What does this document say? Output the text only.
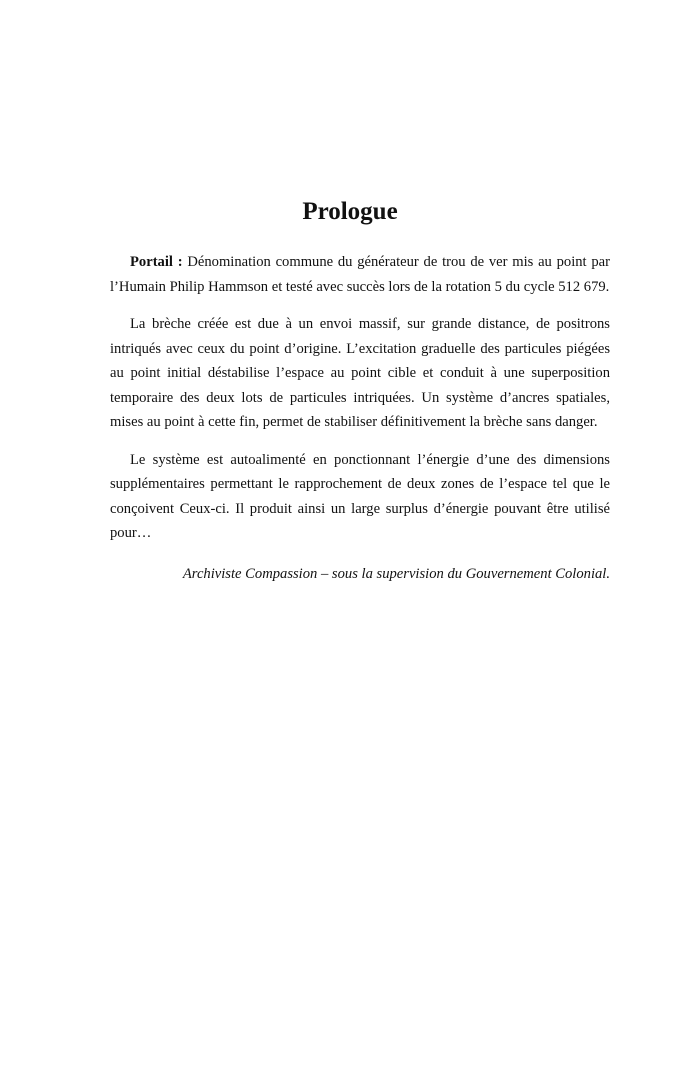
Prologue

Portail : Dénomination commune du générateur de trou de ver mis au point par l’Humain Philip Hammson et testé avec succès lors de la rotation 5 du cycle 512 679.

La brèche créée est due à un envoi massif, sur grande distance, de positrons intriqués avec ceux du point d’origine. L’excitation graduelle des particules piégées au point initial déstabilise l’espace au point cible et conduit à une superposition temporaire des deux lots de particules intriquées. Un système d’ancres spatiales, mises au point à cette fin, permet de stabiliser définitivement la brèche sans danger.

Le système est autoalimenté en ponctionnant l’énergie d’une des dimensions supplémentaires permettant le rapprochement de deux zones de l’espace tel que le conçoivent Ceux-ci. Il produit ainsi un large surplus d’énergie pouvant être utilisé pour…

Archiviste Compassion – sous la supervision du Gouvernement Colonial.
